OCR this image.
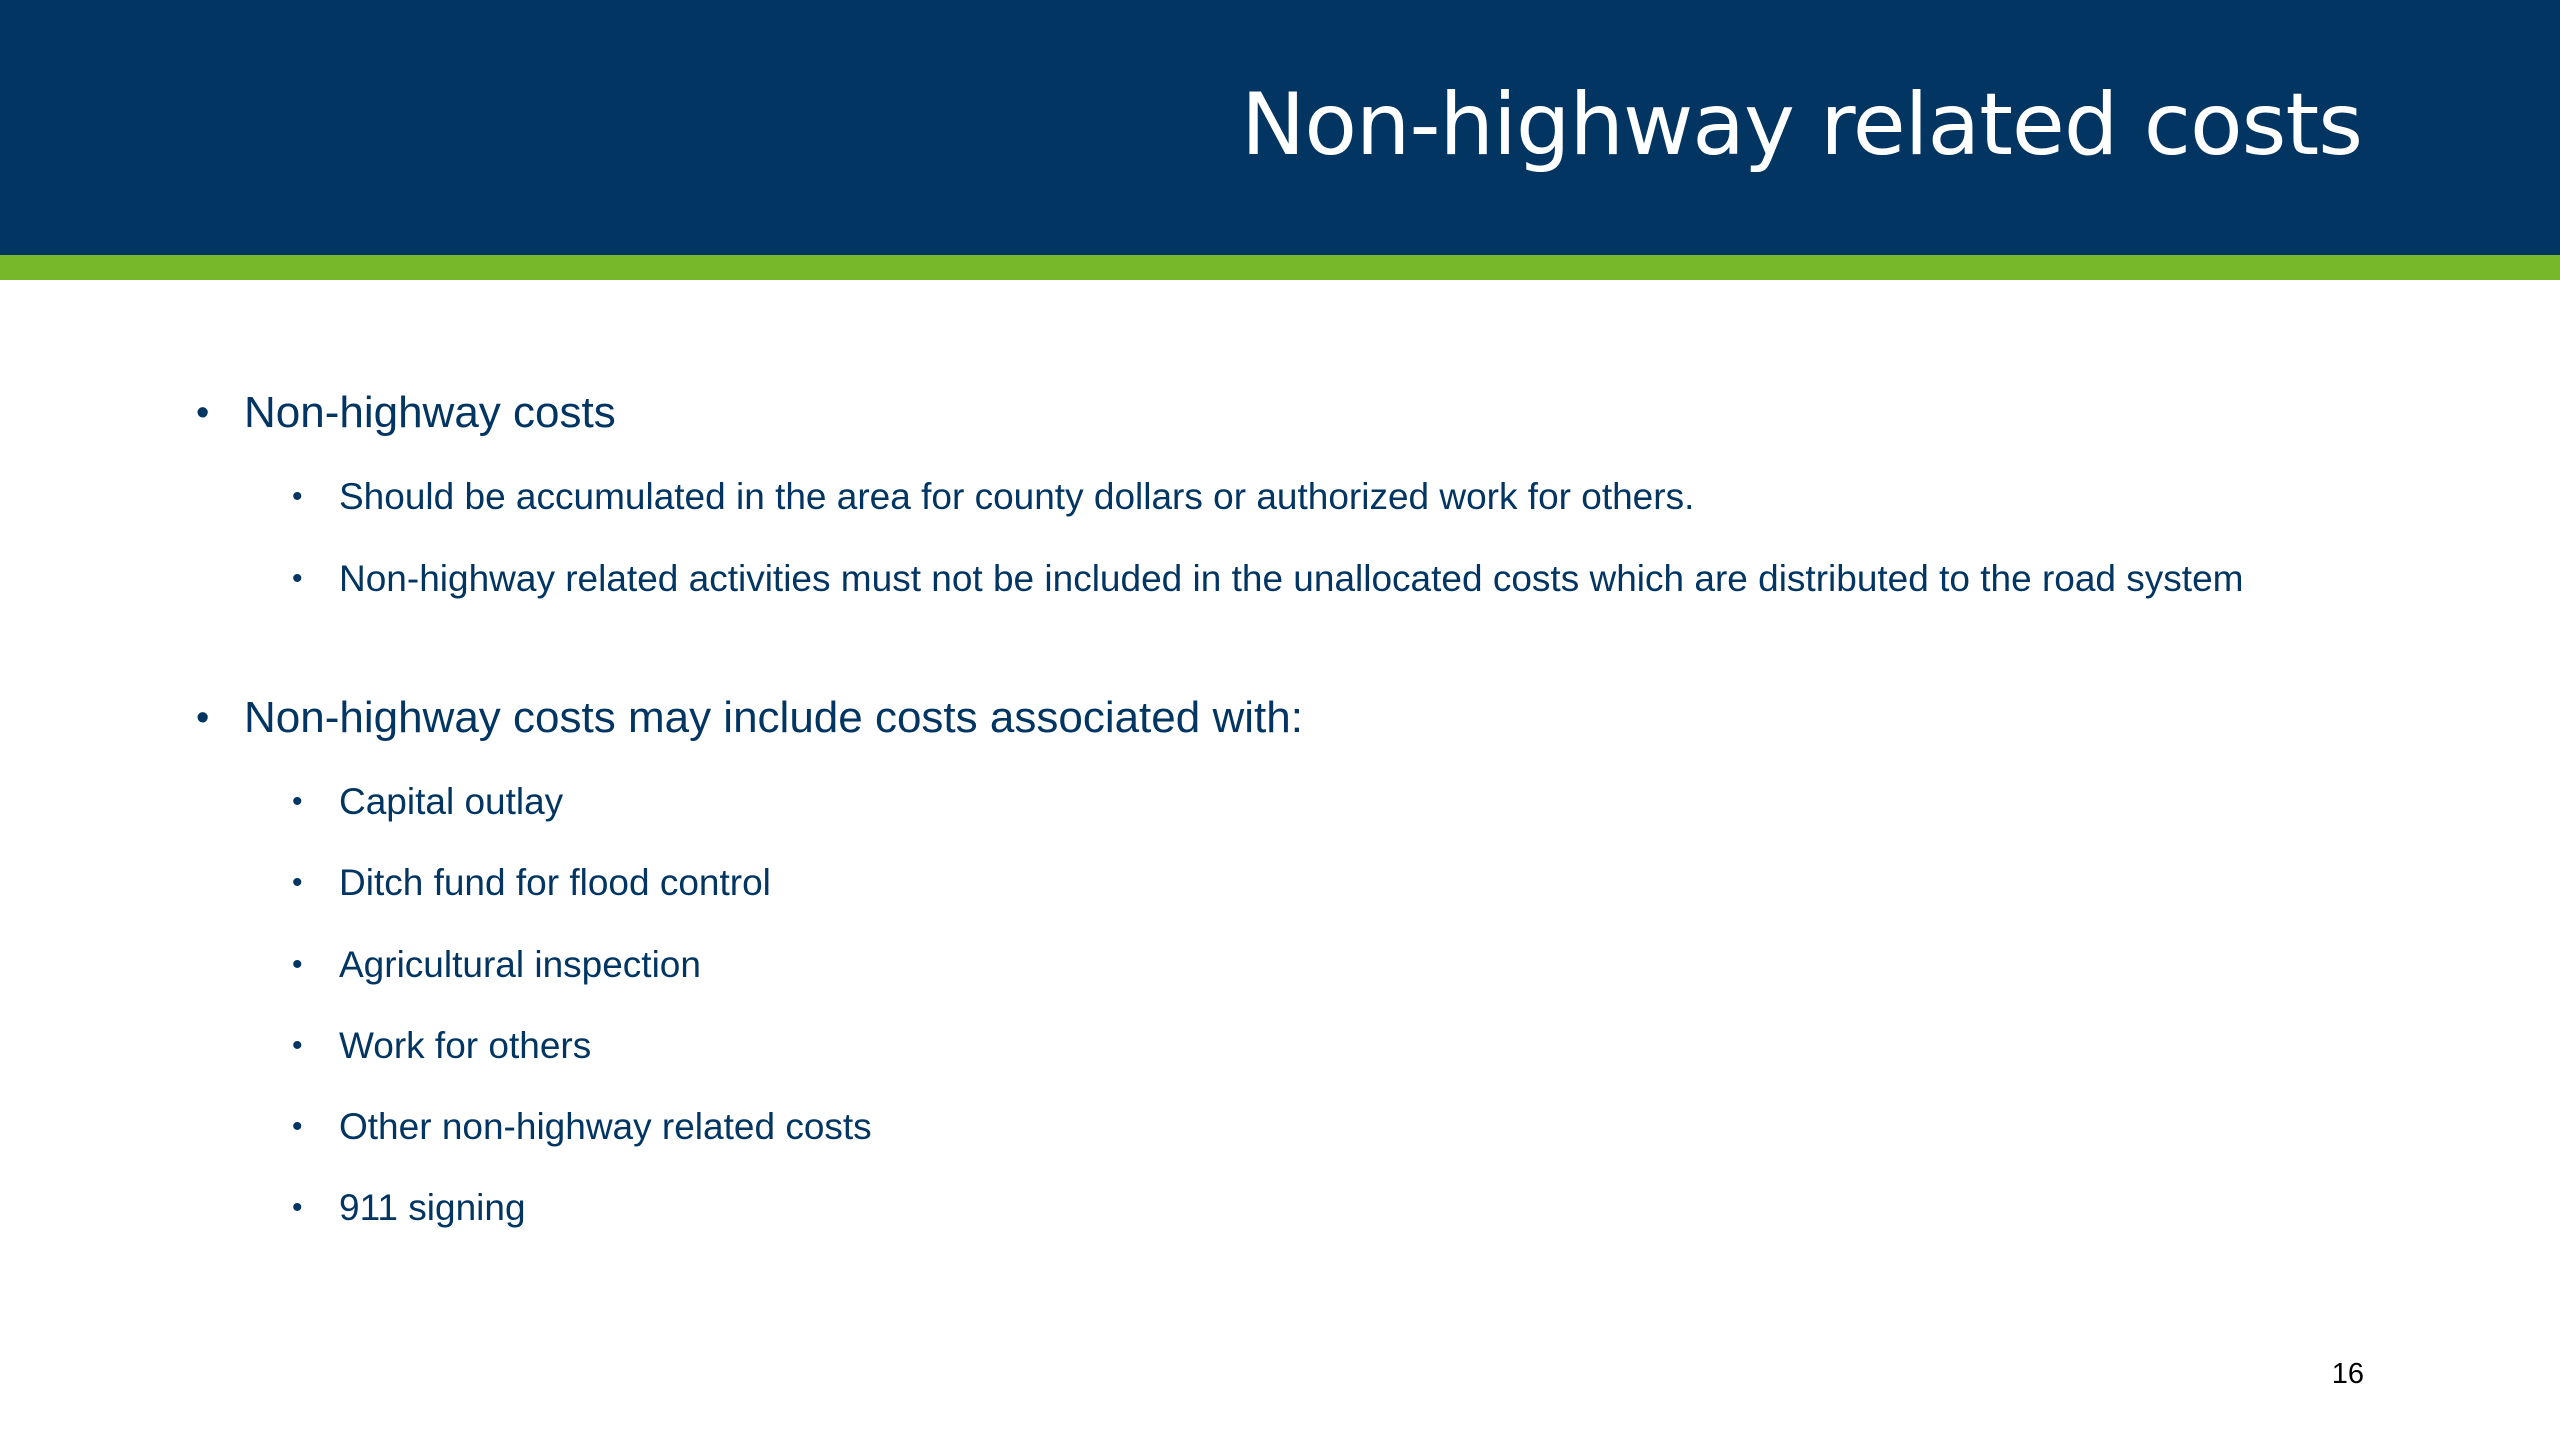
Non-highway related costs
• Non-highway costs
• Should be accumulated in the area for county dollars or authorized work for others.
• Non-highway related activities must not be included in the unallocated costs which are distributed to the road system
• Non-highway costs may include costs associated with:
• Capital outlay
• Ditch fund for flood control
• Agricultural inspection
• Work for others
• Other non-highway related costs
• 911 signing
16
